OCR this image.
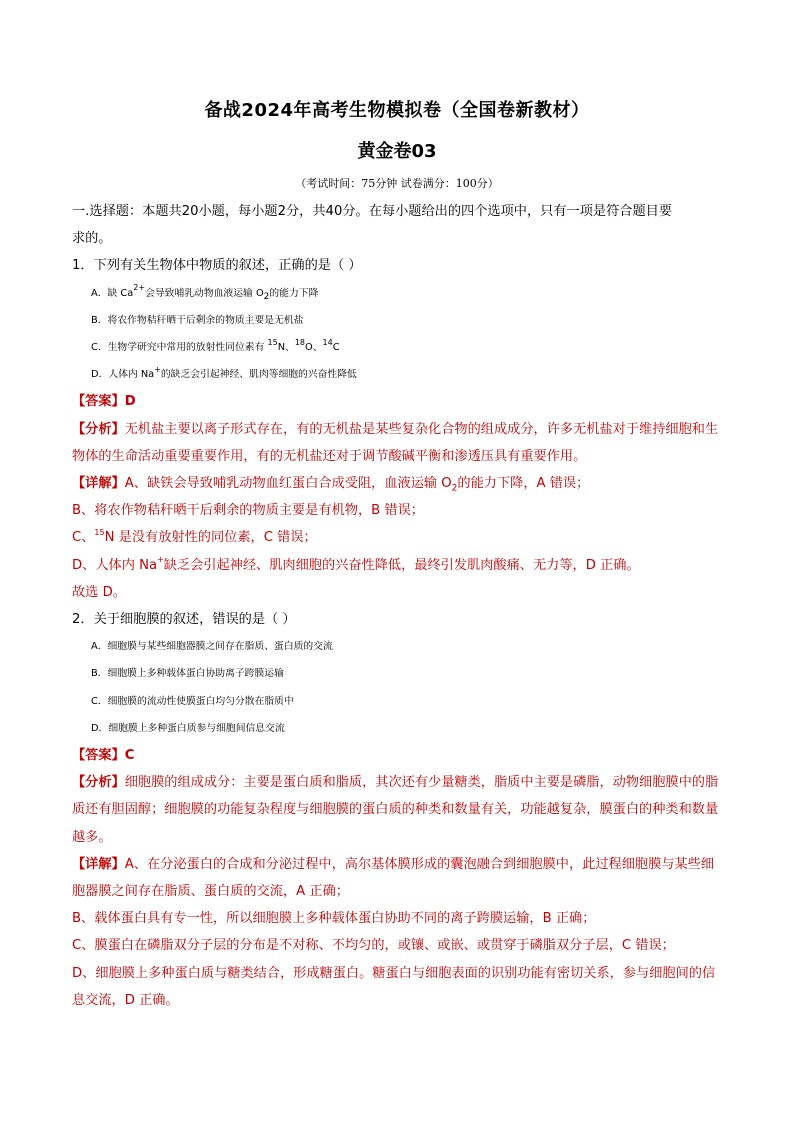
备战2024年高考生物模拟卷（全国卷新教材）
黄金卷03
（考试时间：75分钟 试卷满分：100分）

一.选择题：本题共20小题，每小题2分，共40分。在每小题给出的四个选项中，只有一项是符合题目要

求的。

1．下列有关生物体中物质的叙述，正确的是（ ）

A．缺 $Ca^{2+}$会导致哺乳动物血液运输 $O_2$的能力下降

B．将农作物秸秆晒干后剩余的物质主要是无机盐

C．生物学研究中常用的放射性同位素有 $^{15}$N、$^{18}$O、$^{14}$C

D．人体内 Na+的缺乏会引起神经、肌肉等细胞的兴奋性降低

【答案】D

【分析】无机盐主要以离子形式存在，有的无机盐是某些复杂化合物的组成成分，许多无机盐对于维持细胞和生物体的生命活动重要重要作用，有的无机盐还对于调节酸碱平衡和渗透压具有重要作用。

【详解】A、缺铁会导致哺乳动物血红蛋白合成受阻，血液运输 $O_2$的能力下降，A 错误；

B、将农作物秸秆晒干后剩余的物质主要是有机物，B 错误；

C、$^{15}$N 是没有放射性的同位素，C 错误；

D、人体内 Na+缺乏会引起神经、肌肉细胞的兴奋性降低，最终引发肌肉酸痛、无力等，D 正确。

故选 D。

2．关于细胞膜的叙述，错误的是（ ）

A．细胞膜与某些细胞器膜之间存在脂质、蛋白质的交流

B．细胞膜上多种载体蛋白协助离子跨膜运输

C．细胞膜的流动性使膜蛋白均匀分散在脂质中

D．细胞膜上多种蛋白质参与细胞间信息交流

【答案】C

【分析】细胞膜的组成成分：主要是蛋白质和脂质，其次还有少量糖类，脂质中主要是磷脂，动物细胞膜中的脂质还有胆固醇；细胞膜的功能复杂程度与细胞膜的蛋白质的种类和数量有关，功能越复杂，膜蛋白的种类和数量越多。

【详解】A、在分泌蛋白的合成和分泌过程中，高尔基体膜形成的囊泡融合到细胞膜中，此过程细胞膜与某些细胞器膜之间存在脂质、蛋白质的交流，A 正确；

B、载体蛋白具有专一性，所以细胞膜上多种载体蛋白协助不同的离子跨膜运输，B 正确；

C、膜蛋白在磷脂双分子层的分布是不对称、不均匀的，或镶、或嵌、或贯穿于磷脂双分子层，C 错误；

D、细胞膜上多种蛋白质与糖类结合，形成糖蛋白。糖蛋白与细胞表面的识别功能有密切关系，参与细胞间的信息交流，D 正确。
